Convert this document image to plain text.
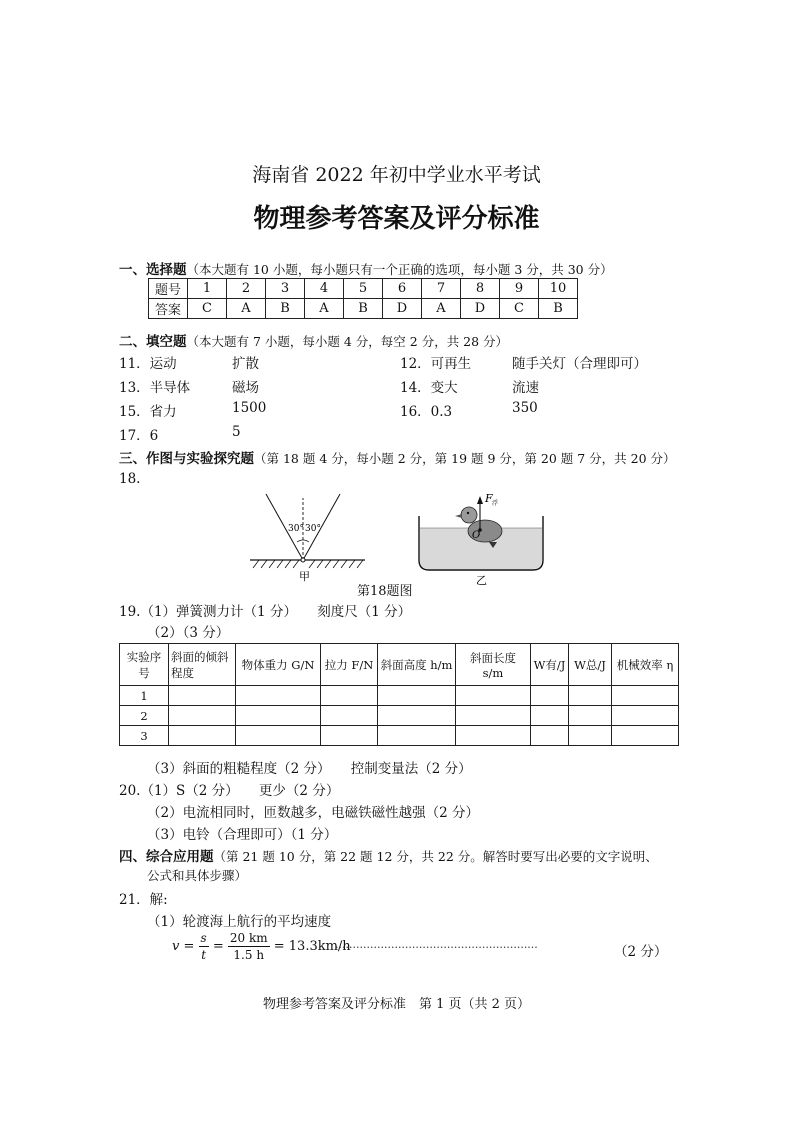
海南省 2022 年初中学业水平考试
物理参考答案及评分标准
一、选择题（本大题有 10 小题，每小题只有一个正确的选项，每小题 3 分，共 30 分）
题号	1	2	3	4	5	6	7	8	9	10
答案	C	A	B	A	B	D	A	D	C	B
二、填空题（本大题有 7 小题，每小题 4 分，每空 2 分，共 28 分）
11．运动	扩散	12．可再生	随手关灯（合理即可）
13．半导体	磁场	14．变大	流速
15．省力	1500	16．0.3	350
17．6	5
三、作图与实验探究题（第 18 题 4 分，每小题 2 分，第 19 题 9 分，第 20 题 7 分，共 20 分）
18.
30° 30°
甲
F 浮
O
乙
第18题图
19.（1）弹簧测力计（1 分）　　刻度尺（1 分）
（2）（3 分）
实验序号	斜面的倾斜程度	物体重力 G/N	拉力 F/N	斜面高度 h/m	斜面长度 s/m	W有/J	W总/J	机械效率 η
1								
2								
3								
（3）斜面的粗糙程度（2 分）　　控制变量法（2 分）
20.（1）S（2 分）　　更少（2 分）
（2）电流相同时，匝数越多，电磁铁磁性越强（2 分）
（3）电铃（合理即可）（1 分）
四、综合应用题（第 21 题 10 分，第 22 题 12 分，共 22 分。解答时要写出必要的文字说明、
公式和具体步骤）
21．解:
（1）轮渡海上航行的平均速度
$v = \frac{s}{t} = \frac{20 km}{1.5 h} = 13.3km/h$
··························································	（2 分）
物理参考答案及评分标准　第 1 页（共 2 页）
